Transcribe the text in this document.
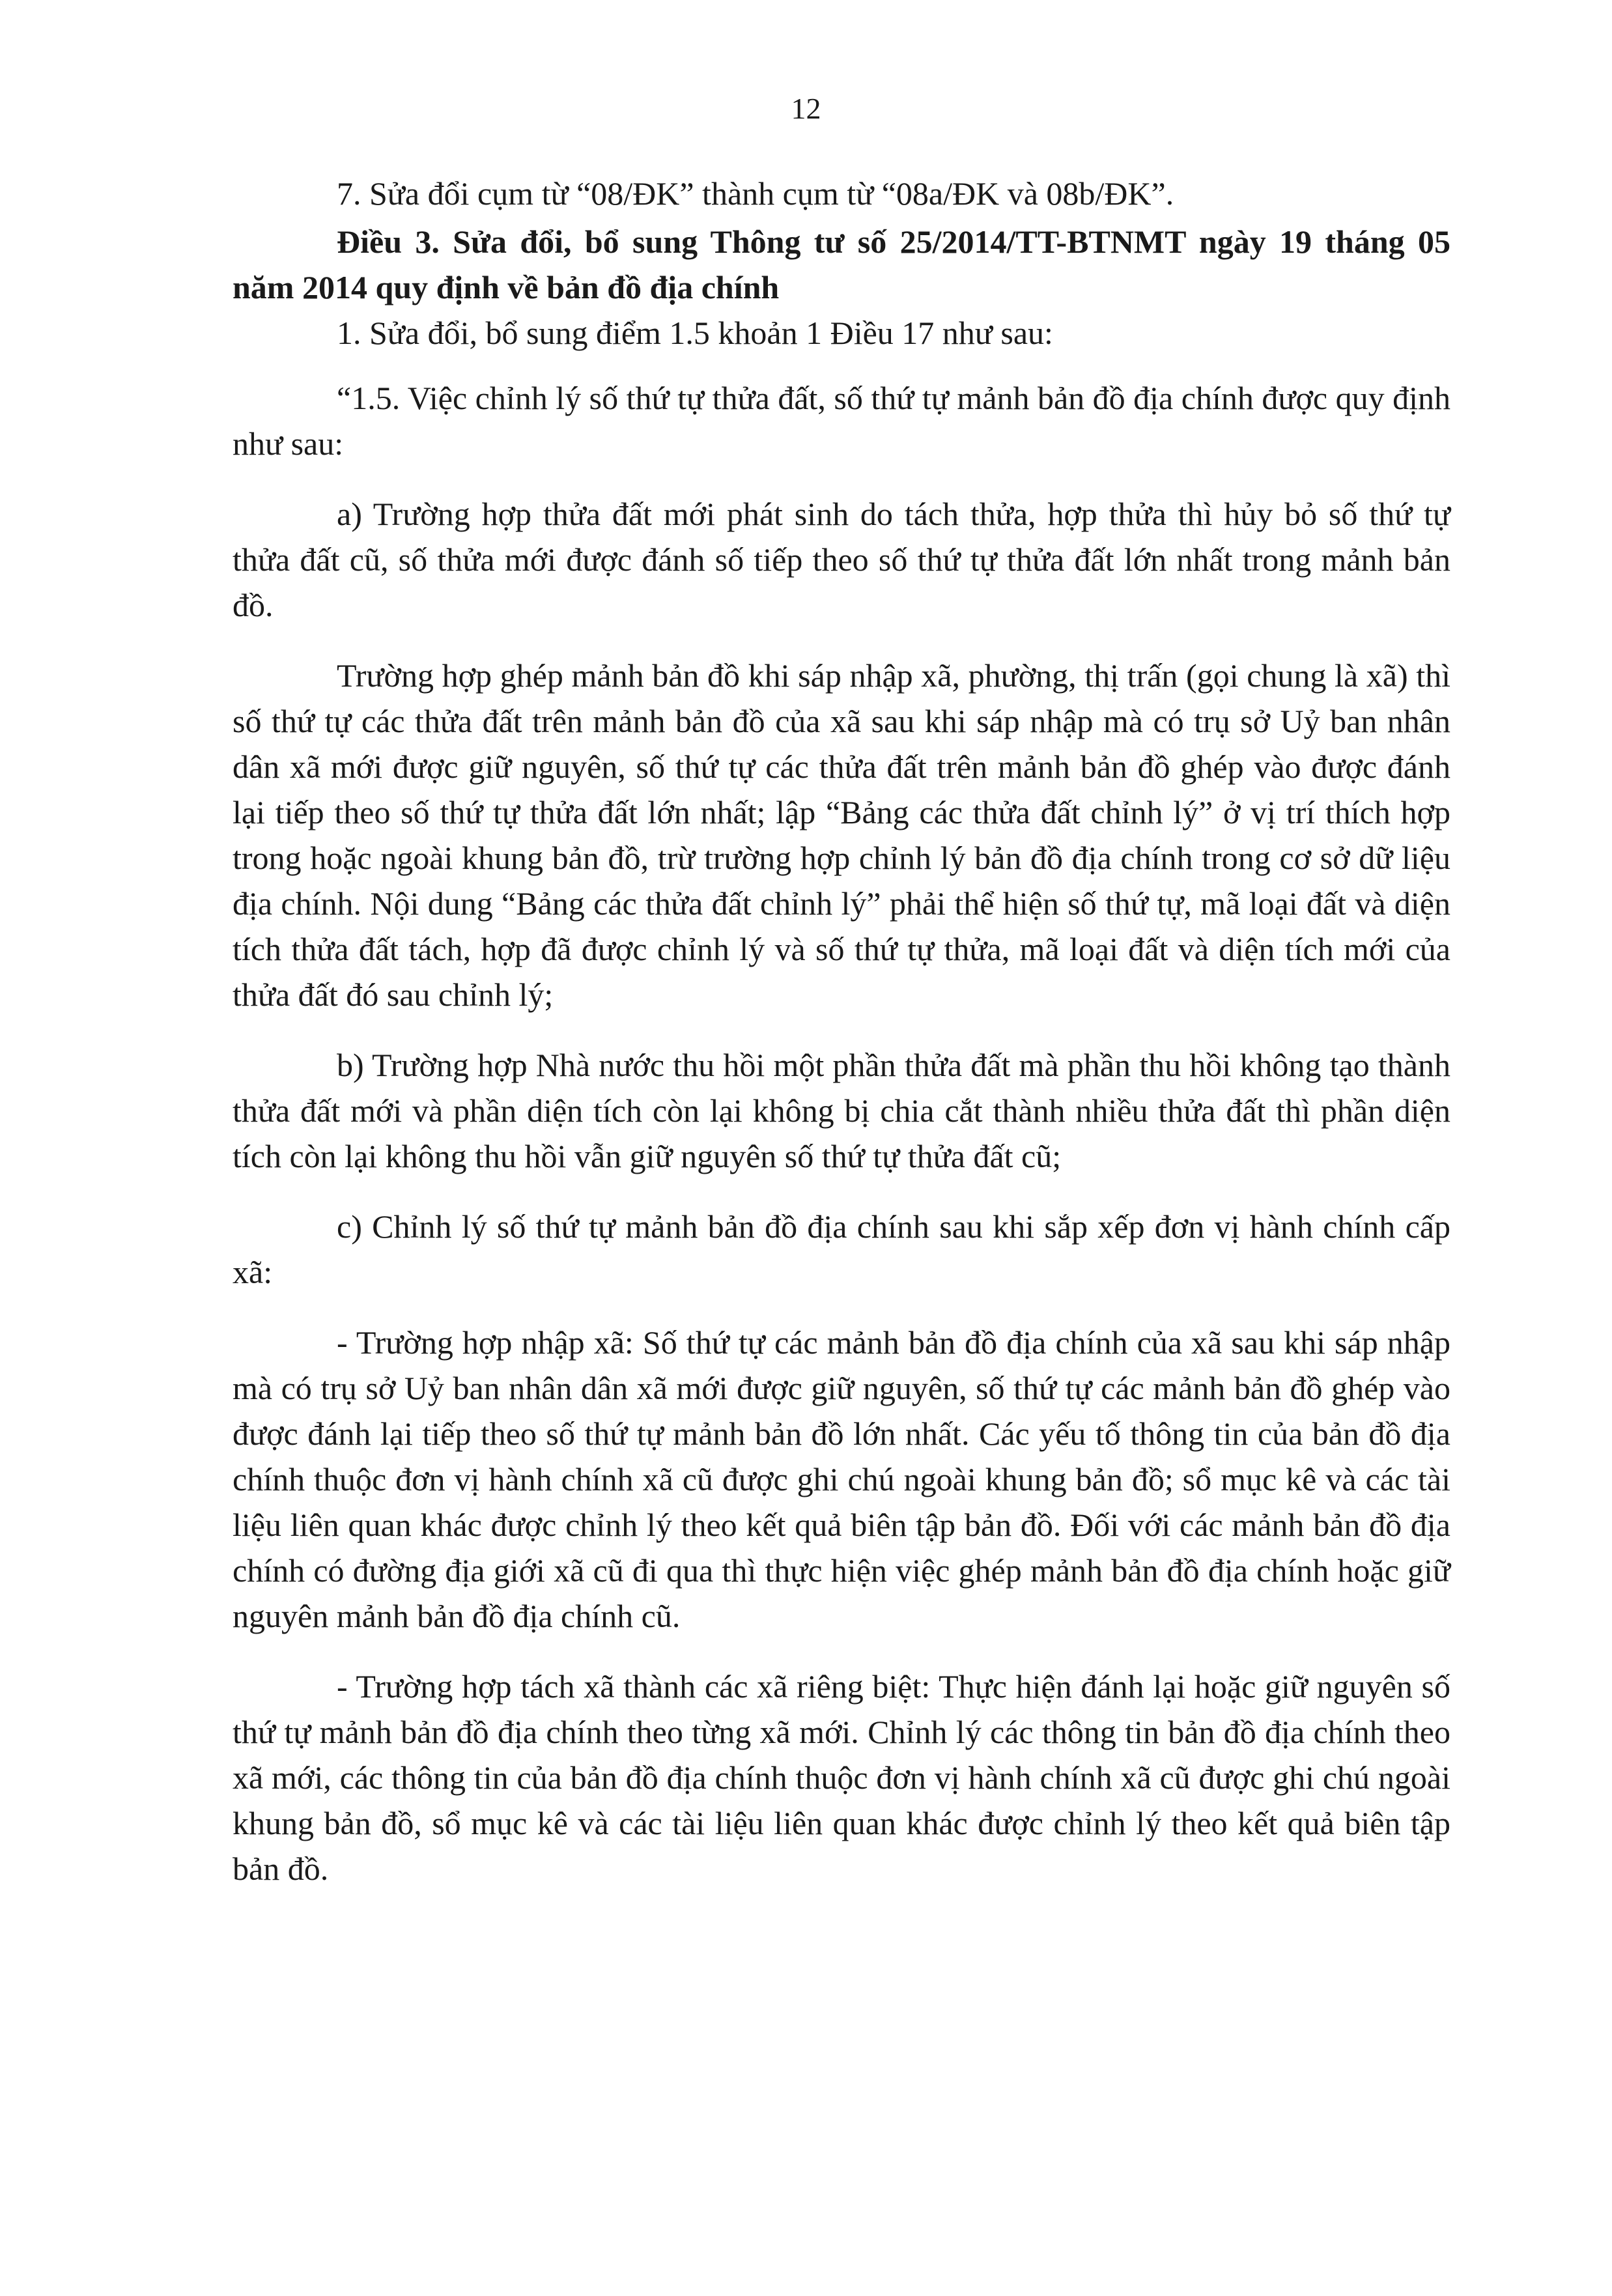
12

7. Sửa đổi cụm từ “08/ĐK” thành cụm từ “08a/ĐK và 08b/ĐK”.

Điều 3. Sửa đổi, bổ sung Thông tư số 25/2014/TT-BTNMT ngày 19 tháng 05 năm 2014 quy định về bản đồ địa chính

1. Sửa đổi, bổ sung điểm 1.5 khoản 1 Điều 17 như sau:

“1.5. Việc chỉnh lý số thứ tự thửa đất, số thứ tự mảnh bản đồ địa chính được quy định như sau:

a) Trường hợp thửa đất mới phát sinh do tách thửa, hợp thửa thì hủy bỏ số thứ tự thửa đất cũ, số thửa mới được đánh số tiếp theo số thứ tự thửa đất lớn nhất trong mảnh bản đồ.

Trường hợp ghép mảnh bản đồ khi sáp nhập xã, phường, thị trấn (gọi chung là xã) thì số thứ tự các thửa đất trên mảnh bản đồ của xã sau khi sáp nhập mà có trụ sở Uỷ ban nhân dân xã mới được giữ nguyên, số thứ tự các thửa đất trên mảnh bản đồ ghép vào được đánh lại tiếp theo số thứ tự thửa đất lớn nhất; lập “Bảng các thửa đất chỉnh lý” ở vị trí thích hợp trong hoặc ngoài khung bản đồ, trừ trường hợp chỉnh lý bản đồ địa chính trong cơ sở dữ liệu địa chính. Nội dung “Bảng các thửa đất chỉnh lý” phải thể hiện số thứ tự, mã loại đất và diện tích thửa đất tách, hợp đã được chỉnh lý và số thứ tự thửa, mã loại đất và diện tích mới của thửa đất đó sau chỉnh lý;

b) Trường hợp Nhà nước thu hồi một phần thửa đất mà phần thu hồi không tạo thành thửa đất mới và phần diện tích còn lại không bị chia cắt thành nhiều thửa đất thì phần diện tích còn lại không thu hồi vẫn giữ nguyên số thứ tự thửa đất cũ;

c) Chỉnh lý số thứ tự mảnh bản đồ địa chính sau khi sắp xếp đơn vị hành chính cấp xã:

- Trường hợp nhập xã: Số thứ tự các mảnh bản đồ địa chính của xã sau khi sáp nhập mà có trụ sở Uỷ ban nhân dân xã mới được giữ nguyên, số thứ tự các mảnh bản đồ ghép vào được đánh lại tiếp theo số thứ tự mảnh bản đồ lớn nhất. Các yếu tố thông tin của bản đồ địa chính thuộc đơn vị hành chính xã cũ được ghi chú ngoài khung bản đồ; sổ mục kê và các tài liệu liên quan khác được chỉnh lý theo kết quả biên tập bản đồ. Đối với các mảnh bản đồ địa chính có đường địa giới xã cũ đi qua thì thực hiện việc ghép mảnh bản đồ địa chính hoặc giữ nguyên mảnh bản đồ địa chính cũ.

- Trường hợp tách xã thành các xã riêng biệt: Thực hiện đánh lại hoặc giữ nguyên số thứ tự mảnh bản đồ địa chính theo từng xã mới. Chỉnh lý các thông tin bản đồ địa chính theo xã mới, các thông tin của bản đồ địa chính thuộc đơn vị hành chính xã cũ được ghi chú ngoài khung bản đồ, sổ mục kê và các tài liệu liên quan khác được chỉnh lý theo kết quả biên tập bản đồ.
